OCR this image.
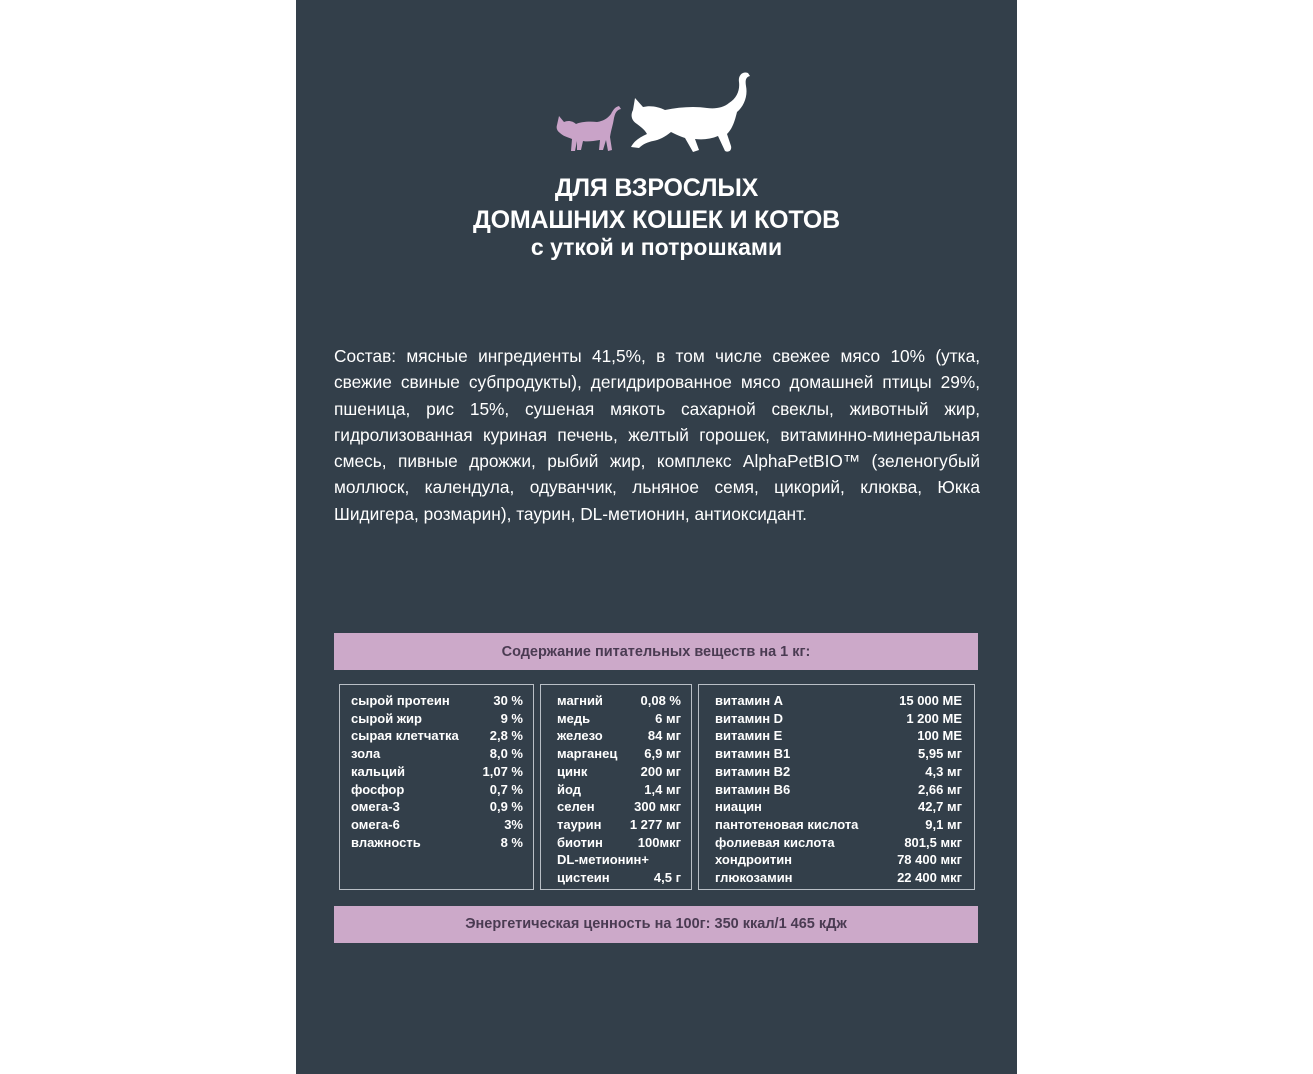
ДЛЯ ВЗРОСЛЫХ
ДОМАШНИХ КОШЕК И КОТОВ
с уткой и потрошками
Состав: мясные ингредиенты 41,5%, в том числе свежее мясо 10% (утка, свежие свиные субпродукты), дегидрированное мясо домашней птицы 29%, пшеница, рис 15%, сушеная мякоть сахарной свеклы, животный жир, гидролизованная куриная печень, желтый горошек, витаминно-минеральная смесь, пивные дрожжи, рыбий жир, комплекс AlphaPetBIO™ (зеленогубый моллюск, календула, одуванчик, льняное семя, цикорий, клюква, Юкка Шидигера, розмарин), таурин, DL-метионин, антиоксидант.
Содержание питательных веществ на 1 кг:
сырой протеин	30 %
сырой жир	9 %
сырая клетчатка 2,8 %
зола	8,0 %
кальций	1,07 %
фосфор	0,7 %
омега-3	0,9 %
омега-6	3%
влажность	8 %
магний	0,08 %
медь	6 мг
железо	84 мг
марганец 6,9 мг
цинк	200 мг
йод	1,4 мг
селен	300 мкг
таурин 1 277 мг
биотин	100мкг
DL-метионин+
цистеин	4,5 г
витамин А	15 000 МЕ
витамин D	1 200 МЕ
витамин Е	100 МЕ
витамин В1	5,95 мг
витамин В2	4,3 мг
витамин В6	2,66 мг
ниацин	42,7 мг
пантотеновая кислота	9,1 мг
фолиевая кислота	801,5 мкг
хондроитин	78 400 мкг
глюкозамин	22 400 мкг
Энергетическая ценность на 100г: 350 ккал/1 465 кДж
